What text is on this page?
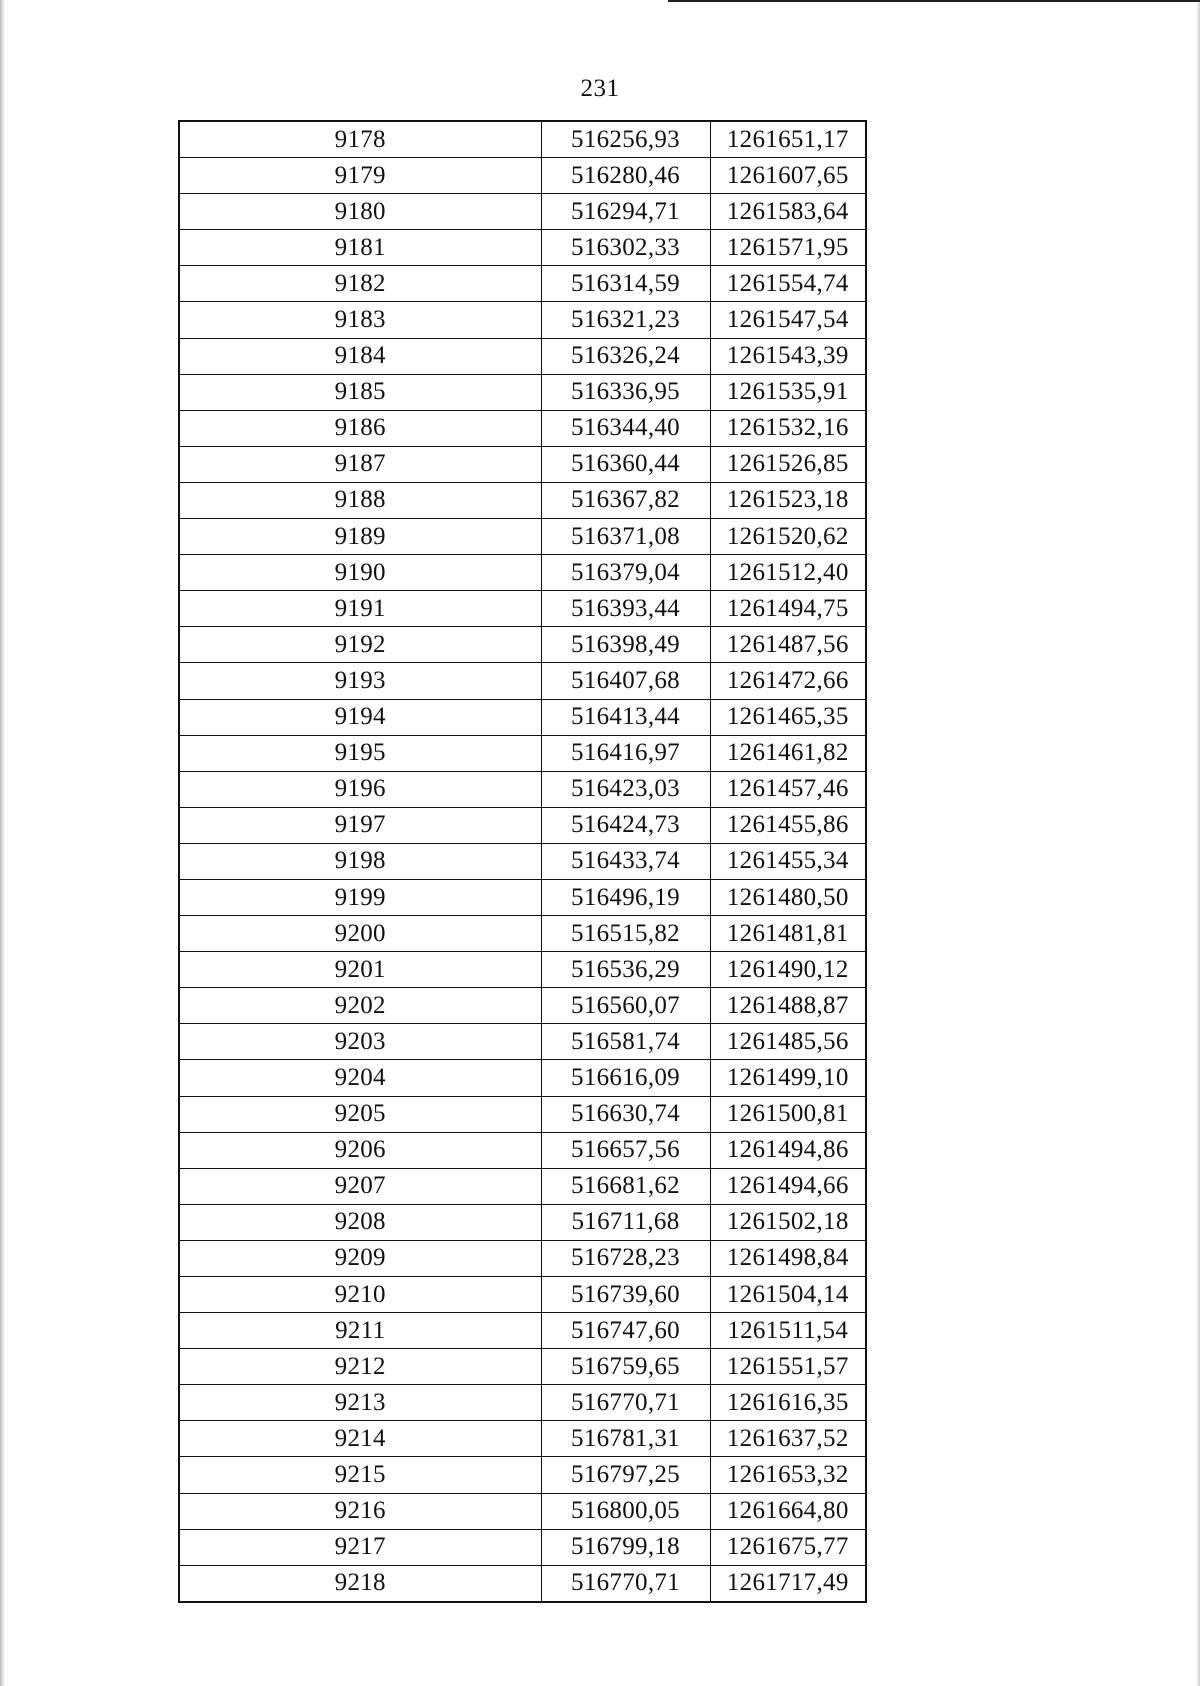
231
9178	516256,93	1261651,17
9179	516280,46	1261607,65
9180	516294,71	1261583,64
9181	516302,33	1261571,95
9182	516314,59	1261554,74
9183	516321,23	1261547,54
9184	516326,24	1261543,39
9185	516336,95	1261535,91
9186	516344,40	1261532,16
9187	516360,44	1261526,85
9188	516367,82	1261523,18
9189	516371,08	1261520,62
9190	516379,04	1261512,40
9191	516393,44	1261494,75
9192	516398,49	1261487,56
9193	516407,68	1261472,66
9194	516413,44	1261465,35
9195	516416,97	1261461,82
9196	516423,03	1261457,46
9197	516424,73	1261455,86
9198	516433,74	1261455,34
9199	516496,19	1261480,50
9200	516515,82	1261481,81
9201	516536,29	1261490,12
9202	516560,07	1261488,87
9203	516581,74	1261485,56
9204	516616,09	1261499,10
9205	516630,74	1261500,81
9206	516657,56	1261494,86
9207	516681,62	1261494,66
9208	516711,68	1261502,18
9209	516728,23	1261498,84
9210	516739,60	1261504,14
9211	516747,60	1261511,54
9212	516759,65	1261551,57
9213	516770,71	1261616,35
9214	516781,31	1261637,52
9215	516797,25	1261653,32
9216	516800,05	1261664,80
9217	516799,18	1261675,77
9218	516770,71	1261717,49
